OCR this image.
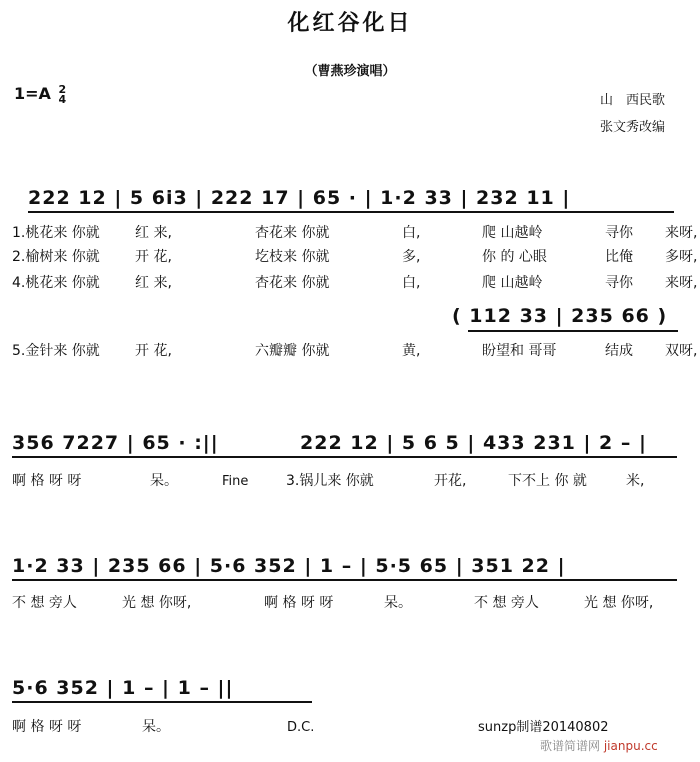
化红谷化日
（曹燕珍演唱）
1=A 2
4	山　西民歌
张文秀改编
222 12 | 5 6i3 | 222 17 | 65 · | 1·2 33 | 232 11 |
1.桃花来 你就	红 来,	杏花来 你就	白,	爬 山越岭	寻你 来呀,
2.榆树来 你就	开 花,	圪枝来 你就	多,	你 的 心眼	比俺 多呀,
4.桃花来 你就	红 来,	杏花来 你就	白,	爬 山越岭	寻你 来呀,
( 112 33 | 235 66 )
5.金针来 你就	开 花,	六瓣瓣 你就	黄,	盼望和 哥哥	结成 双呀,
356 7227 | 65 · :||	222 12 | 5 6 5 | 433 231 | 2 – |
啊 格 呀 呀	呆。	Fine	3.锅儿来 你就	开花,	下不上 你 就	米,
1·2 33 | 235 66 | 5·6 352 | 1 – | 5·5 65 | 351 22 |
不 想 旁人	光 想 你呀,	啊 格 呀 呀	呆。	不 想 旁人	光 想 你呀,
5·6 352 | 1 – | 1 – ||
啊 格 呀 呀	呆。	D.C.	sunzp制谱20140802
歌谱简谱网 jianpu.cc
